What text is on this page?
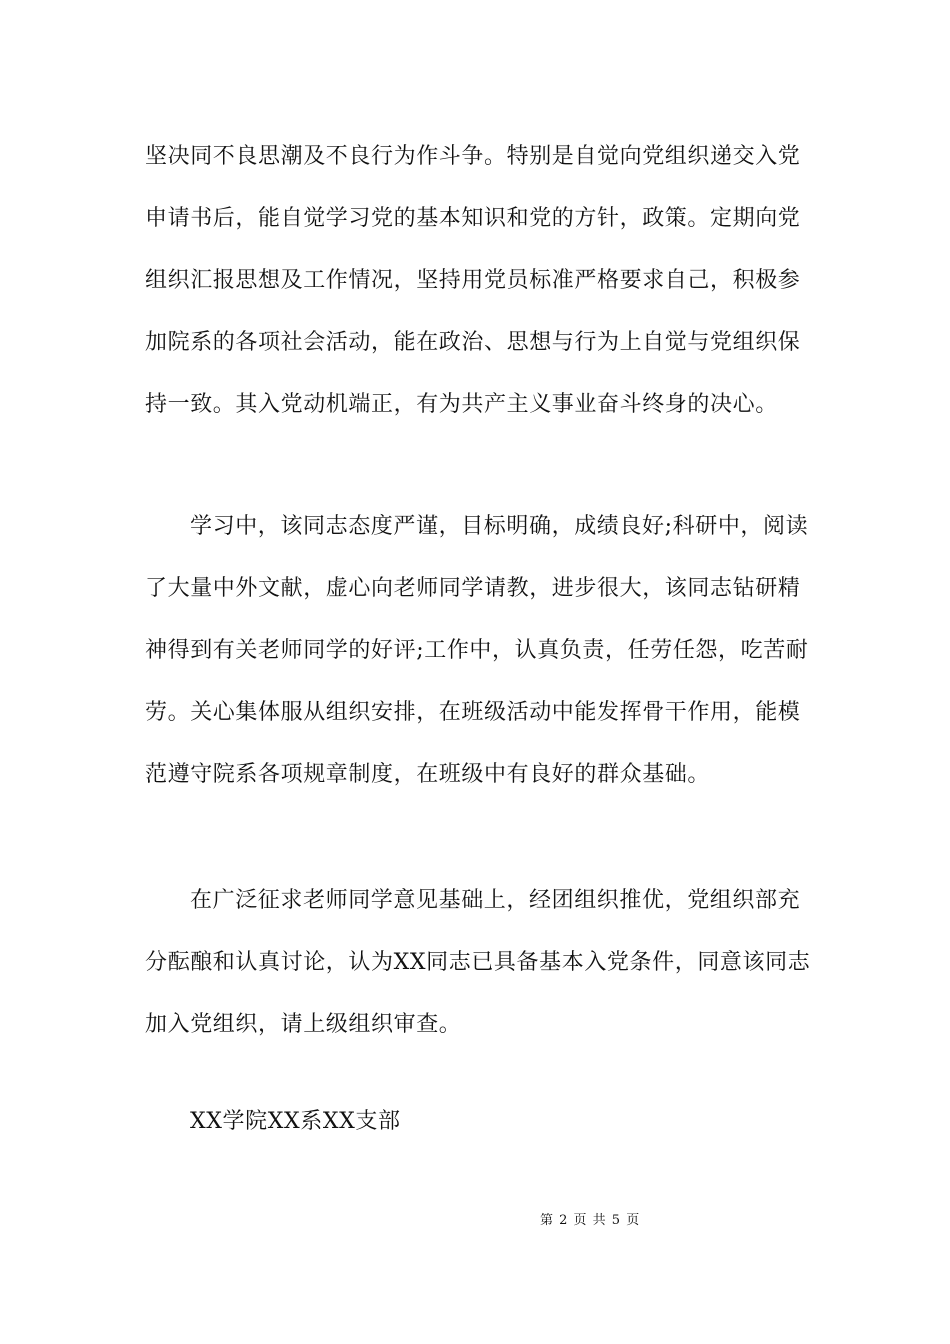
坚决同不良思潮及不良行为作斗争。特别是自觉向党组织递交入党
申请书后，能自觉学习党的基本知识和党的方针，政策。定期向党
组织汇报思想及工作情况，坚持用党员标准严格要求自己，积极参
加院系的各项社会活动，能在政治、思想与行为上自觉与党组织保
持一致。其入党动机端正，有为共产主义事业奋斗终身的决心。
学习中，该同志态度严谨，目标明确，成绩良好;科研中，阅读
了大量中外文献，虚心向老师同学请教，进步很大，该同志钻研精
神得到有关老师同学的好评;工作中，认真负责，任劳任怨，吃苦耐
劳。关心集体服从组织安排，在班级活动中能发挥骨干作用，能模
范遵守院系各项规章制度，在班级中有良好的群众基础。
在广泛征求老师同学意见基础上，经团组织推优，党组织部充
分酝酿和认真讨论，认为XX同志已具备基本入党条件，同意该同志
加入党组织，请上级组织审查。
XX学院XX系XX支部
第 2 页 共 5 页
